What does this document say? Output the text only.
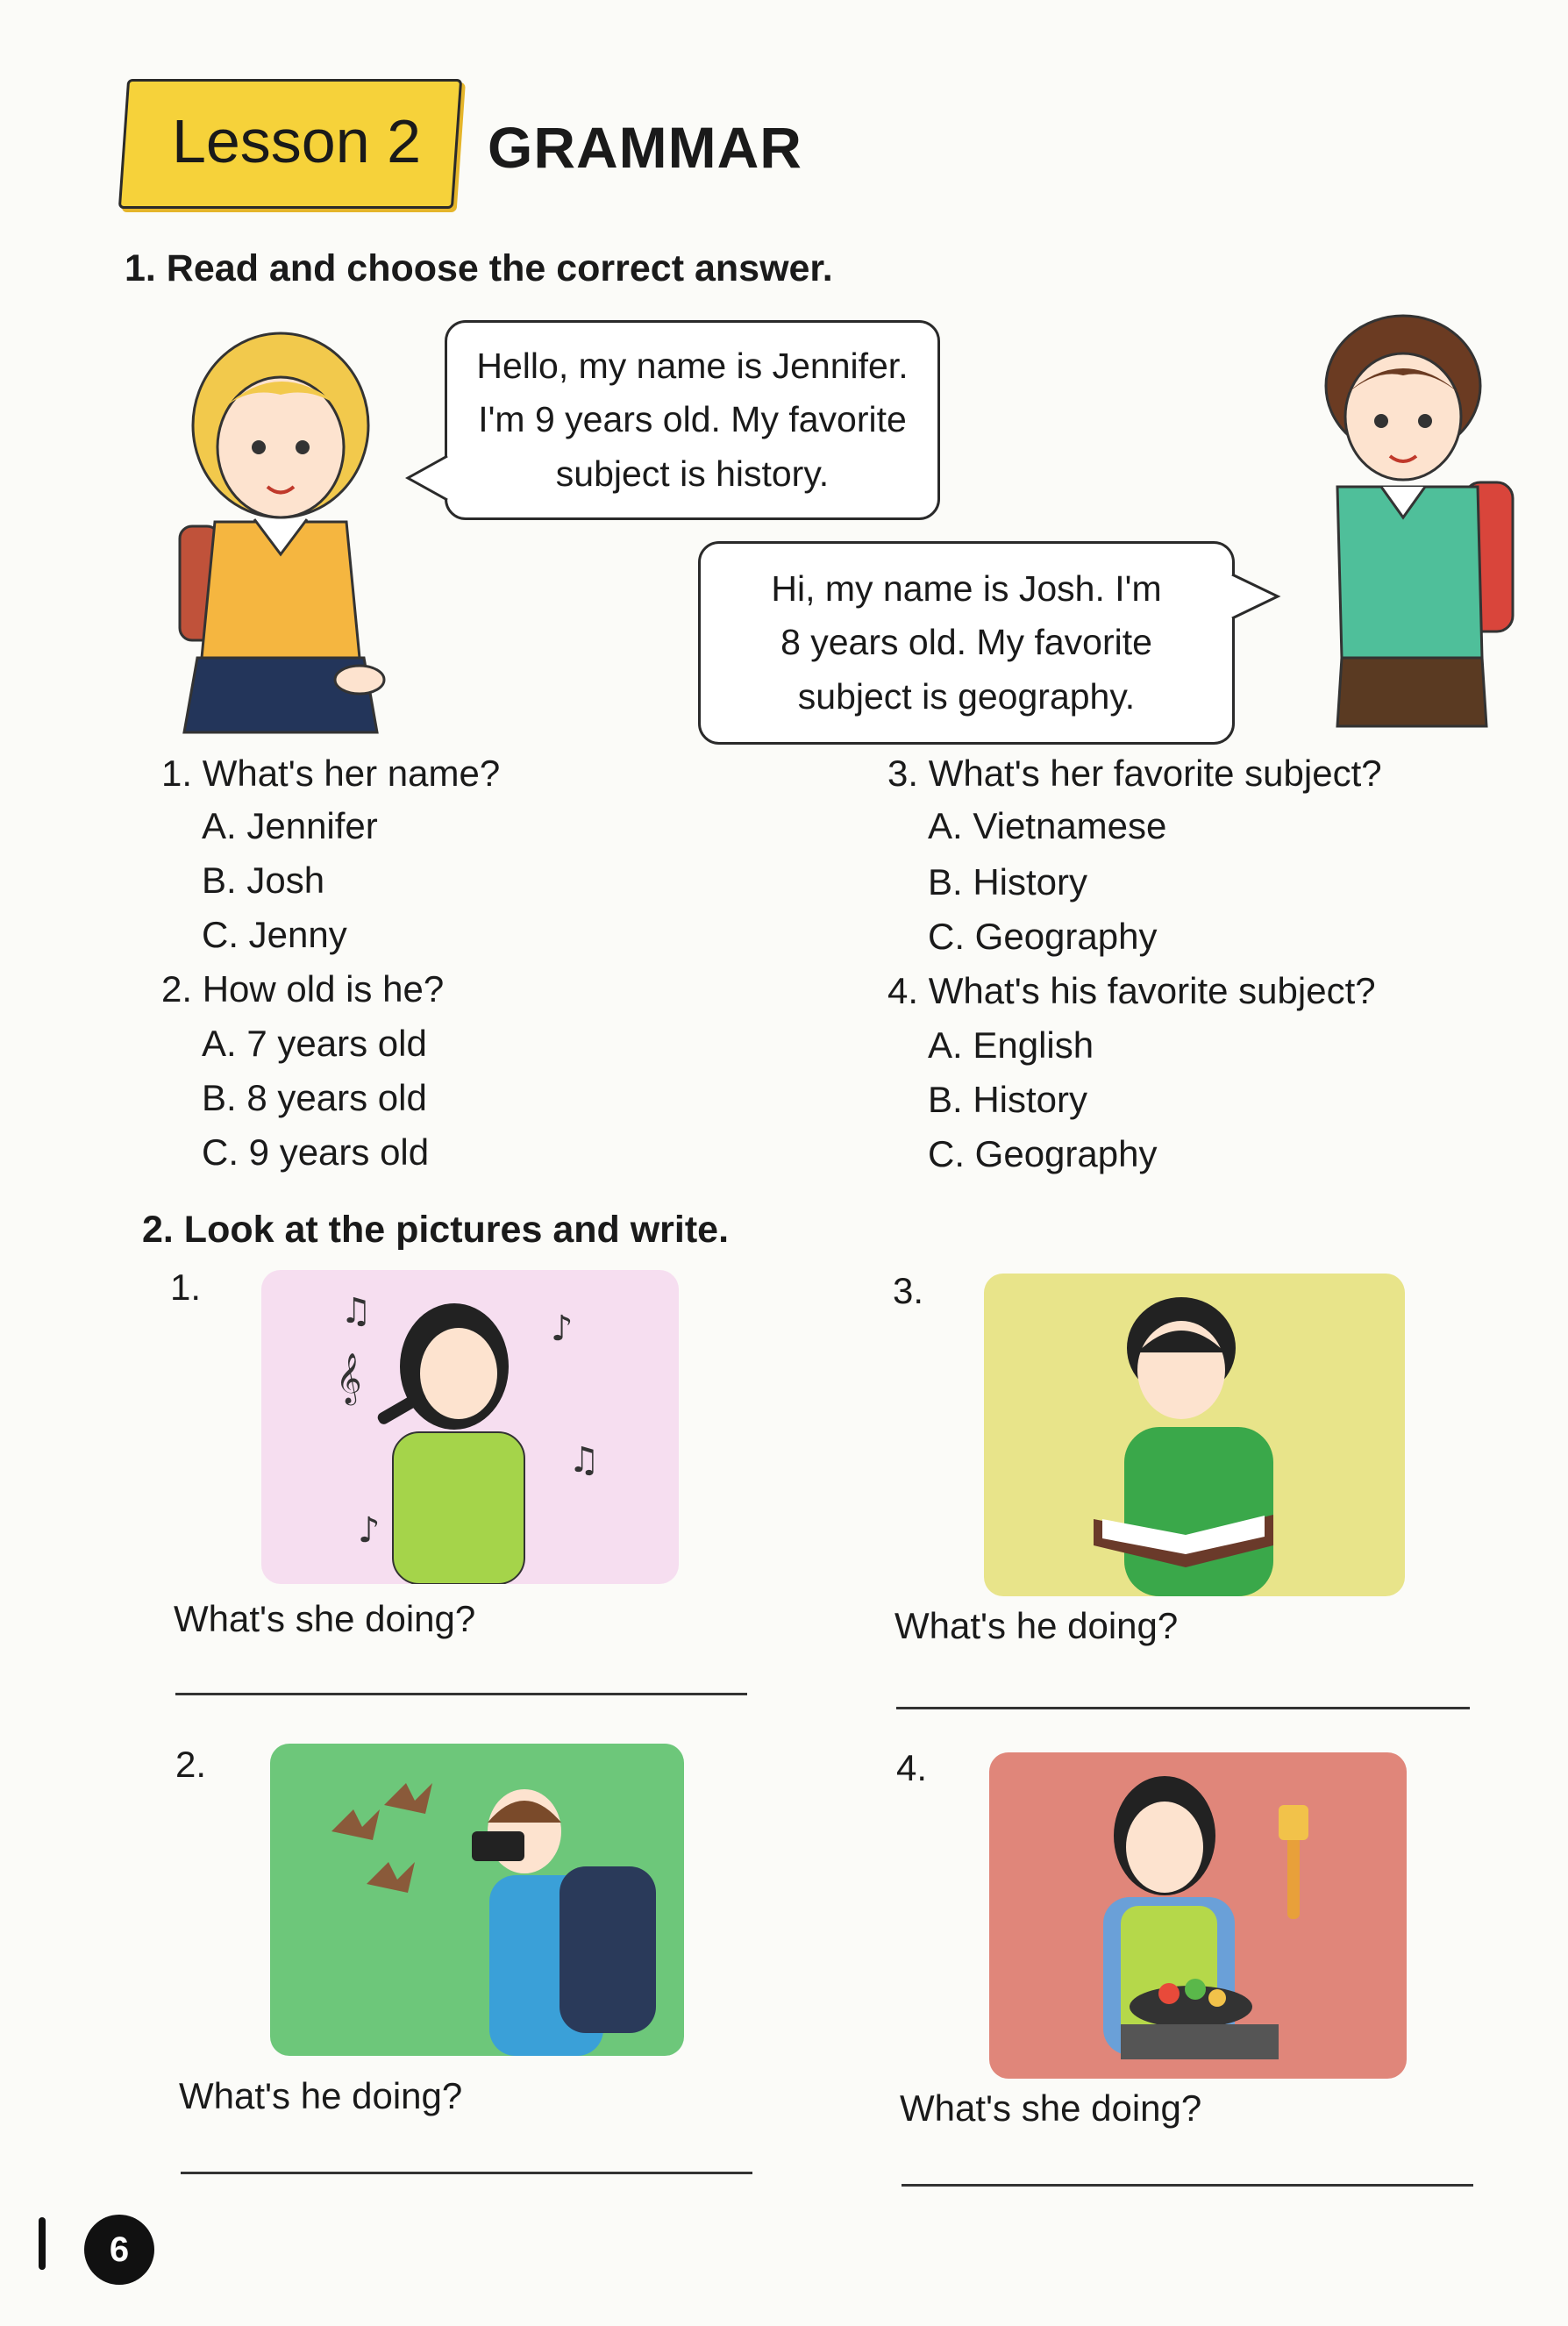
Lesson 2	GRAMMAR
1. Read and choose the correct answer.
Hello, my name is Jennifer.
I'm 9 years old. My favorite
subject is history.
Hi, my name is Josh. I'm
8 years old. My favorite
subject is geography.
1. What's her name?
A. Jennifer
B. Josh
C. Jenny
2. How old is he?
A. 7 years old
B. 8 years old
C. 9 years old
3. What's her favorite subject?
A. Vietnamese
B. History
C. Geography
4. What's his favorite subject?
A. English
B. History
C. Geography
2. Look at the pictures and write.
1.
♫
𝄞
♪
♫
♪
What's she doing?
2.
What's he doing?
3.
What's he doing?
4.
What's she doing?
6
